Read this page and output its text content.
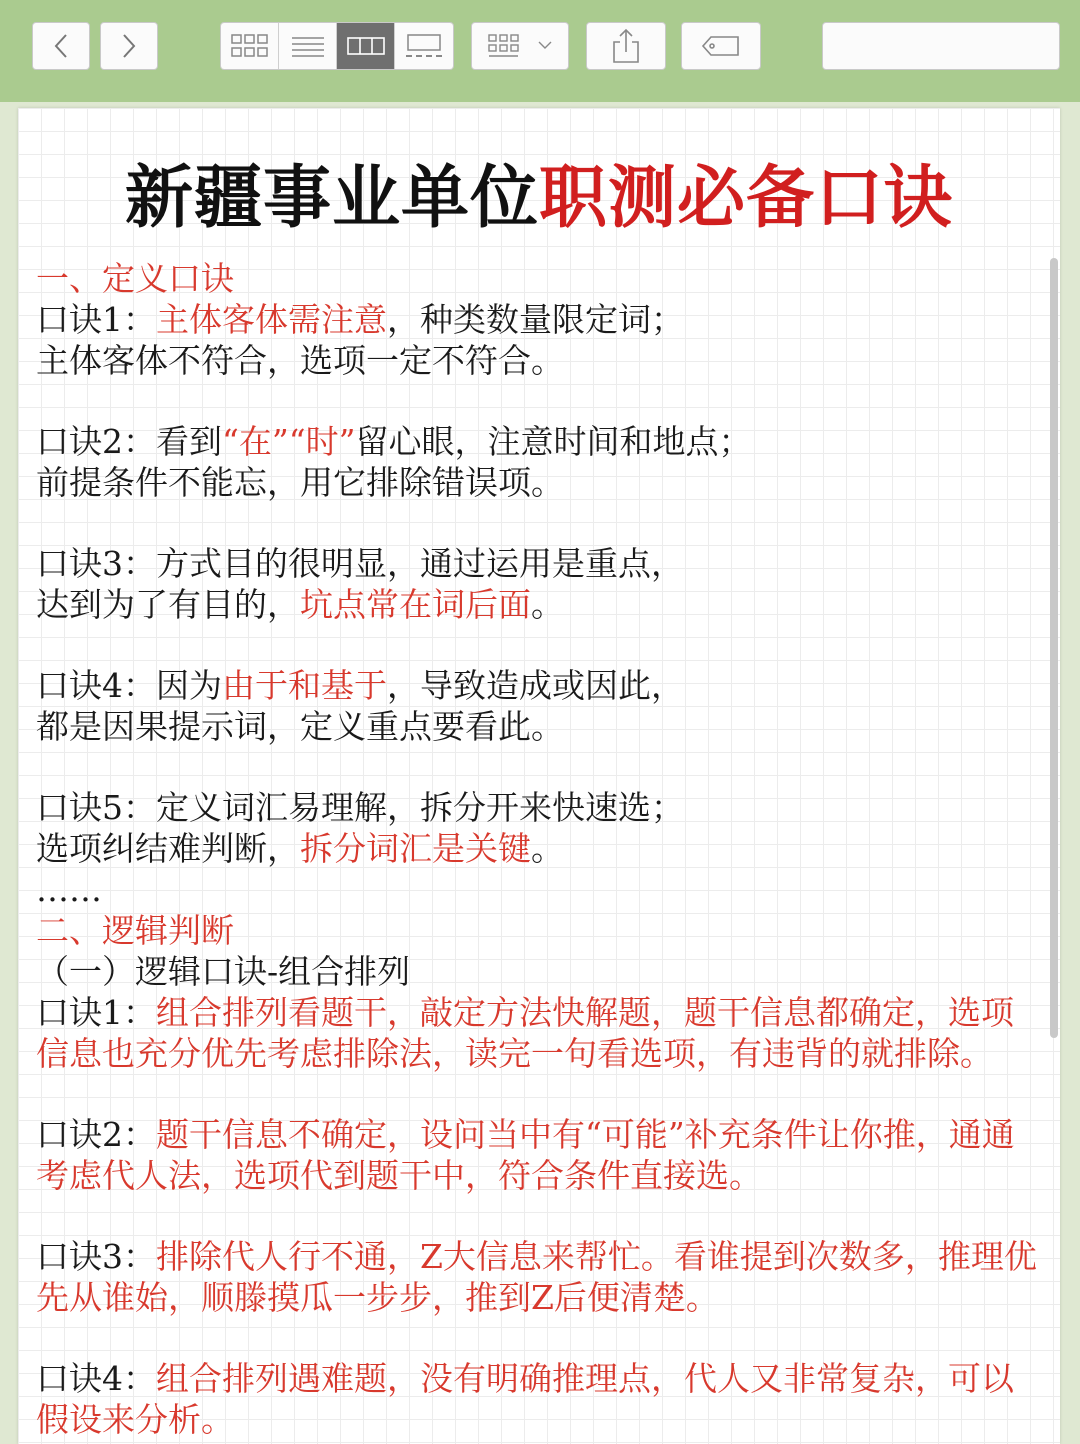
新疆事业单位职测必备口诀
一、定义口诀
口诀1：主体客体需注意，种类数量限定词；
主体客体不符合，选项一定不符合。
口诀2：看到“在”“时”留心眼，注意时间和地点；
前提条件不能忘，用它排除错误项。
口诀3：方式目的很明显，通过运用是重点，
达到为了有目的，坑点常在词后面。
口诀4：因为由于和基于，导致造成或因此，
都是因果提示词，定义重点要看此。
口诀5：定义词汇易理解，拆分开来快速选；
选项纠结难判断，拆分词汇是关键。
……
二、逻辑判断
（一）逻辑口诀-组合排列
口诀1：组合排列看题干，敲定方法快解题，题干信息都确定，选项信息也充分优先考虑排除法，读完一句看选项，有违背的就排除。
口诀2：题干信息不确定，设问当中有“可能”补充条件让你推，通通考虑代人法，选项代到题干中，符合条件直接选。
口诀3：排除代人行不通，Z大信息来帮忙。看谁提到次数多，推理优先从谁始，顺滕摸瓜一步步，推到Z后便清楚。
口诀4：组合排列遇难题，没有明确推理点，代人又非常复杂，可以假设来分析。
